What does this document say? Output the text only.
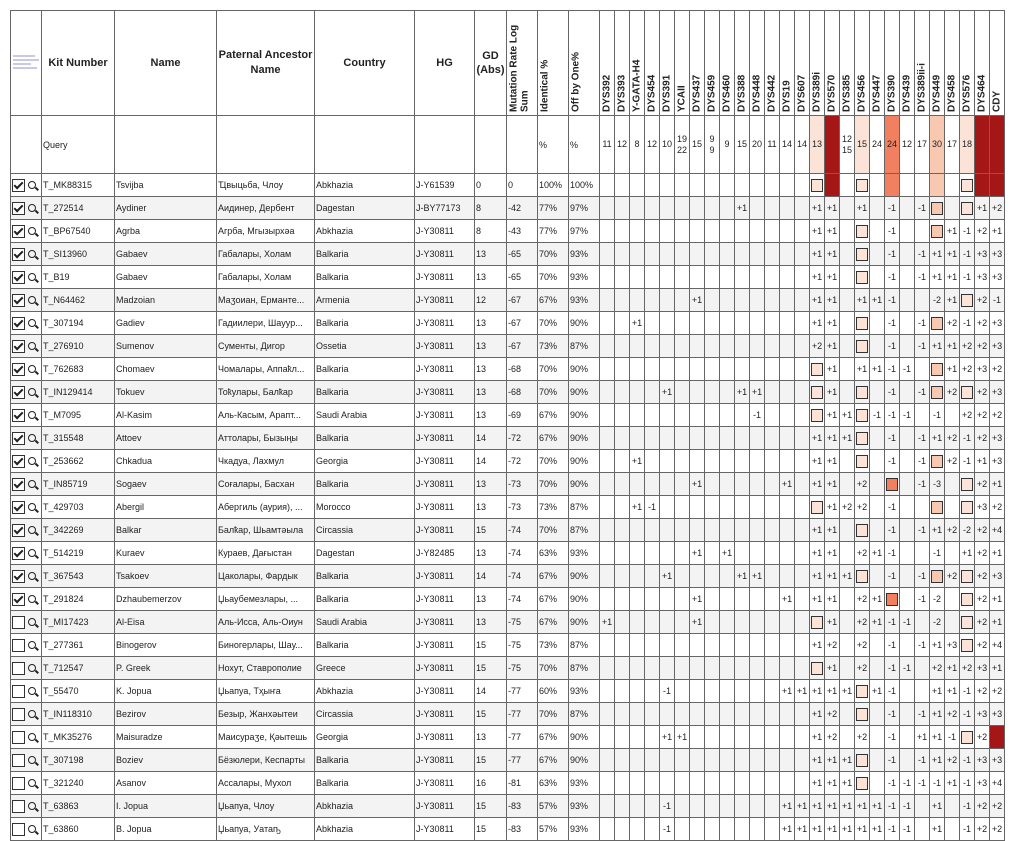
	Kit Number	Name	Paternal Ancestor Name	Country	HG	GD (Abs)	Mutation Rate Log Sum	Identical %	Off by One%	DYS392	DYS393	Y-GATA-H4	DYS454	DYS391	YCAII	DYS437	DYS459	DYS460	DYS388	DYS448	DYS442	DYS19	DYS607	DYS389i	DYS570	DYS385	DYS456	DYS447	DYS390	DYS439	DYS389ii-i	DYS449	DYS458	DYS576	DYS464	CDY
	Query							%	%	11	12	8	12	10	19 22	15	9 9	9	15	20	11	14	14	13		12 15	15	24	24	12	17	30	17	18		
	T_MK88315	Tsvijba	Ҵвыцьба, Члоу	Abkhazia	J-Y61539	0	0	100%	100%																											
	T_272514	Aydiner	Аидинер, Дербент	Dagestan	J-BY77173	8	-42	77%	97%										+1					+1	+1		+1		-1		-1				+1	+2
	T_BP67540	Agrba	Агрба, Мгызырхәа	Abkhazia	J-Y30811	8	-43	77%	97%															+1	+1				-1				+1	-1	+2	+1
	T_SI13960	Gabaev	Габалары, Холам	Balkaria	J-Y30811	13	-65	70%	93%															+1	+1				-1		-1	+1	+1	-1	+3	+3
	T_B19	Gabaev	Габалары, Холам	Balkaria	J-Y30811	13	-65	70%	93%															+1	+1				-1		-1	+1	+1	-1	+3	+3
	T_N64462	Madzoian	Маӡоиан, Ерманте...	Armenia	J-Y30811	12	-67	67%	93%							+1								+1	+1		+1	+1	-1			-2	+1		+2	-1
	T_307194	Gadiev	Гадиилери, Шаyyр...	Balkaria	J-Y30811	13	-67	70%	90%			+1												+1	+1				-1		-1		+2	-1	+2	+3
	T_276910	Sumenov	Сументы, Дигор	Ossetia	J-Y30811	13	-67	73%	87%															+2	+1				-1		-1	+1	+1	+2	+2	+3
	T_762683	Chomaev	Чомалары, Аппаҟл...	Balkaria	J-Y30811	13	-68	70%	90%																+1		+1	+1	-1	-1			+1	+2	+3	+2
	T_IN129414	Tokuev	Тоҟулары, Балҟар	Balkaria	J-Y30811	13	-68	70%	90%					+1					+1	+1					+1				-1		-1		+2		+2	+3
	T_M7095	Al-Kasim	Аль-Касым, Арапт...	Saudi Arabia	J-Y30811	13	-69	67%	90%											-1					+1	+1		-1	-1	-1		-1		+2	+2	+2
	T_315548	Attoev	Аттолары, Бызыңы	Balkaria	J-Y30811	14	-72	67%	90%															+1	+1	+1			-1		-1	+1	+2	-1	+2	+3
	T_253662	Chkadua	Чкадуа, Лахмул	Georgia	J-Y30811	14	-72	70%	90%			+1												+1	+1				-1		-1		+2	-1	+1	+3
	T_IN85719	Sogaev	Соғалары, Басхан	Balkaria	J-Y30811	13	-73	70%	90%							+1						+1		+1	+1		+2				-1	-3			+2	+1
	T_429703	Abergil	Абергиль (аурия), ...	Morocco	J-Y30811	13	-73	73%	87%			+1	-1												+1	+2	+2		-1						+3	+2
	T_342269	Balkar	Балҟар, Шьамтәыла	Circassia	J-Y30811	15	-74	70%	87%															+1	+1				-1		-1	+1	+2	-2	+2	+4
	T_514219	Kuraev	Кураев, Дағыстан	Dagestan	J-Y82485	13	-74	63%	93%							+1		+1						+1	+1		+2	+1	-1			-1		+1	+2	+1
	T_367543	Tsakoev	Цаколары, Фардык	Balkaria	J-Y30811	14	-74	67%	90%					+1					+1	+1				+1	+1	+1			-1		-1		+2		+2	+3
	T_291824	Dzhaubemerzov	Џьаубемезлары, ...	Balkaria	J-Y30811	13	-74	67%	90%							+1						+1		+1	+1		+2	+1			-1	-2			+2	+1
	T_MI17423	Al-Eisa	Аль-Исса, Аль-Оиун	Saudi Arabia	J-Y30811	13	-75	67%	90%	+1						+1									+1		+2	+1	-1	-1		-2			+2	+1
	T_277361	Binogerov	Биногерлары, Шау...	Balkaria	J-Y30811	15	-75	73%	87%															+1	+2		+2		-1		-1	+1	+3		+2	+4
	T_712547	P. Greek	Нохут, Ставрополие	Greece	J-Y30811	15	-75	70%	87%																+1		+2		-1	-1		+2	+1	+2	+3	+1
	T_55470	K. Jopua	Џьапуа, Тҳыҥа	Abkhazia	J-Y30811	14	-77	60%	93%					-1								+1	+1	+1	+1	+1		+1	-1			+1	+1	-1	+2	+2
	T_IN118310	Bezirov	Безыр, Жанхәытеи	Circassia	J-Y30811	15	-77	70%	87%															+1	+2				-1		-1	+1	+2	-1	+3	+3
	T_MK35276	Maisuradze	Маисураӡе, Қәытешь	Georgia	J-Y30811	13	-77	67%	90%					+1	+1									+1	+2		+2		-1		+1	+1	-1		+2	
	T_307198	Boziev	Бёзюлери, Кеспарты	Balkaria	J-Y30811	15	-77	67%	90%															+1	+1	+1			-1		-1	+1	+2	-1	+3	+3
	T_321240	Asanov	Ассалары, Мухол	Balkaria	J-Y30811	16	-81	63%	93%															+1	+1	+1			-1	-1	-1	-1	+1	-1	+3	+4
	T_63863	I. Jopua	Џьапуа, Члоу	Abkhazia	J-Y30811	15	-83	57%	93%					-1								+1	+1	+1	+1	+1	+1	+1	-1	-1		+1		-1	+2	+2
	T_63860	B. Jopua	Џьапуа, Уатаҧ	Abkhazia	J-Y30811	15	-83	57%	93%					-1								+1	+1	+1	+1	+1	+1	+1	-1	-1		+1		-1	+2	+2
